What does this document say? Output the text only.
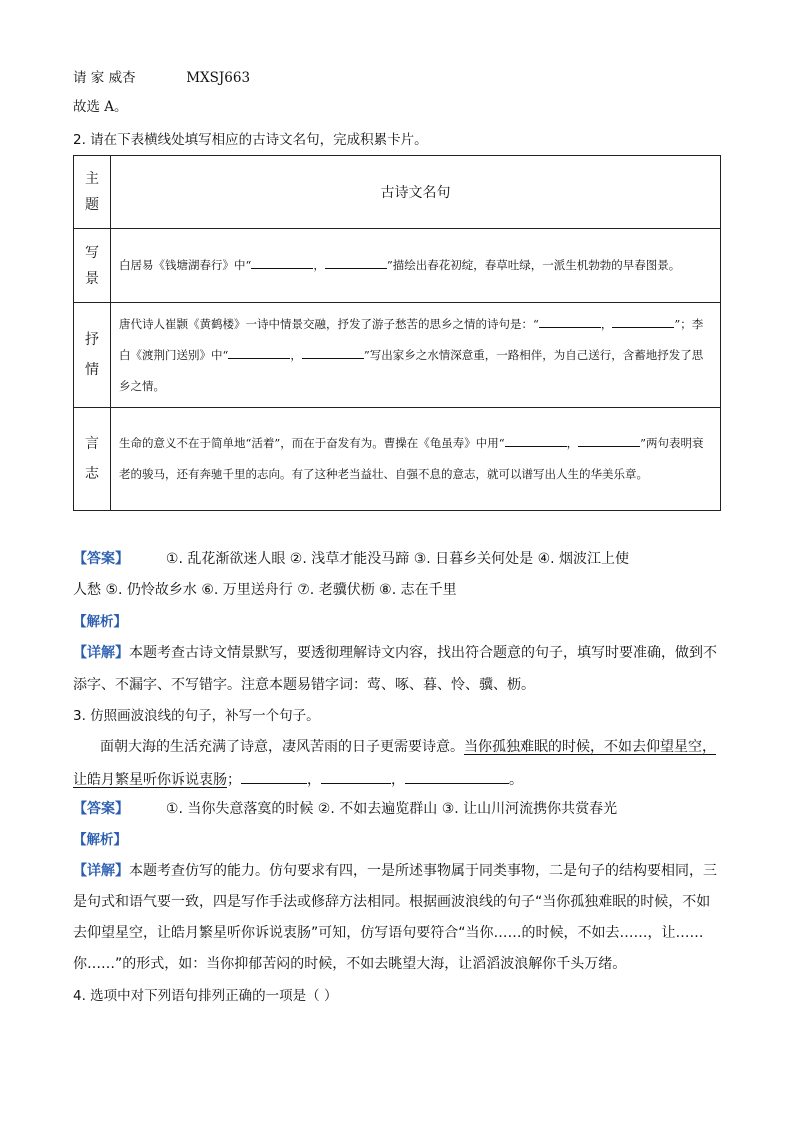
请 家 威杏	MXSJ663
故选 A。
2. 请在下表横线处填写相应的古诗文名句，完成积累卡片。
主题	古诗文名句

写景	白居易《钱塘湖春行》中“ ， ”描绘出春花初绽，春草吐绿，一派生机勃勃的早春图景。

抒情	唐代诗人崔颢《黄鹤楼》一诗中情景交融，抒发了游子愁苦的思乡之情的诗句是：“ ， ”；李白《渡荆门送别》中“ ， ”写出家乡之水情深意重，一路相伴，为自己送行，含蓄地抒发了思乡之情。

言志	生命的意义不在于简单地“活着”，而在于奋发有为。曹操在《龟虽寿》中用“ ， ”两句表明衰老的骏马，还有奔驰千里的志向。有了这种老当益壮、自强不息的意志，就可以谱写出人生的华美乐章。
【答案】	①. 乱花渐欲迷人眼 ②. 浅草才能没马蹄 ③. 日暮乡关何处是 ④. 烟波江上使
人愁 ⑤. 仍怜故乡水 ⑥. 万里送舟行 ⑦. 老骥伏枥 ⑧. 志在千里
【解析】
【详解】本题考查古诗文情景默写，要透彻理解诗文内容，找出符合题意的句子，填写时要准确，做到不
添字、不漏字、不写错字。注意本题易错字词：莺、啄、暮、怜、骥、枥。
3. 仿照画波浪线的句子，补写一个句子。
面朝大海的生活充满了诗意，凄风苦雨的日子更需要诗意。当你孤独难眠的时候，不如去仰望星空，
让皓月繁星听你诉说衷肠；	，	，	。
【答案】	①. 当你失意落寞的时候 ②. 不如去遍览群山 ③. 让山川河流携你共赏春光
【解析】
【详解】本题考查仿写的能力。仿句要求有四，一是所述事物属于同类事物，二是句子的结构要相同，三
是句式和语气要一致，四是写作手法或修辞方法相同。根据画波浪线的句子“当你孤独难眠的时候，不如
去仰望星空，让皓月繁星听你诉说衷肠”可知，仿写语句要符合“当你……的时候，不如去……，让……
你……”的形式，如：当你抑郁苦闷的时候，不如去眺望大海，让滔滔波浪解你千头万绪。
4. 选项中对下列语句排列正确的一项是（ ）
